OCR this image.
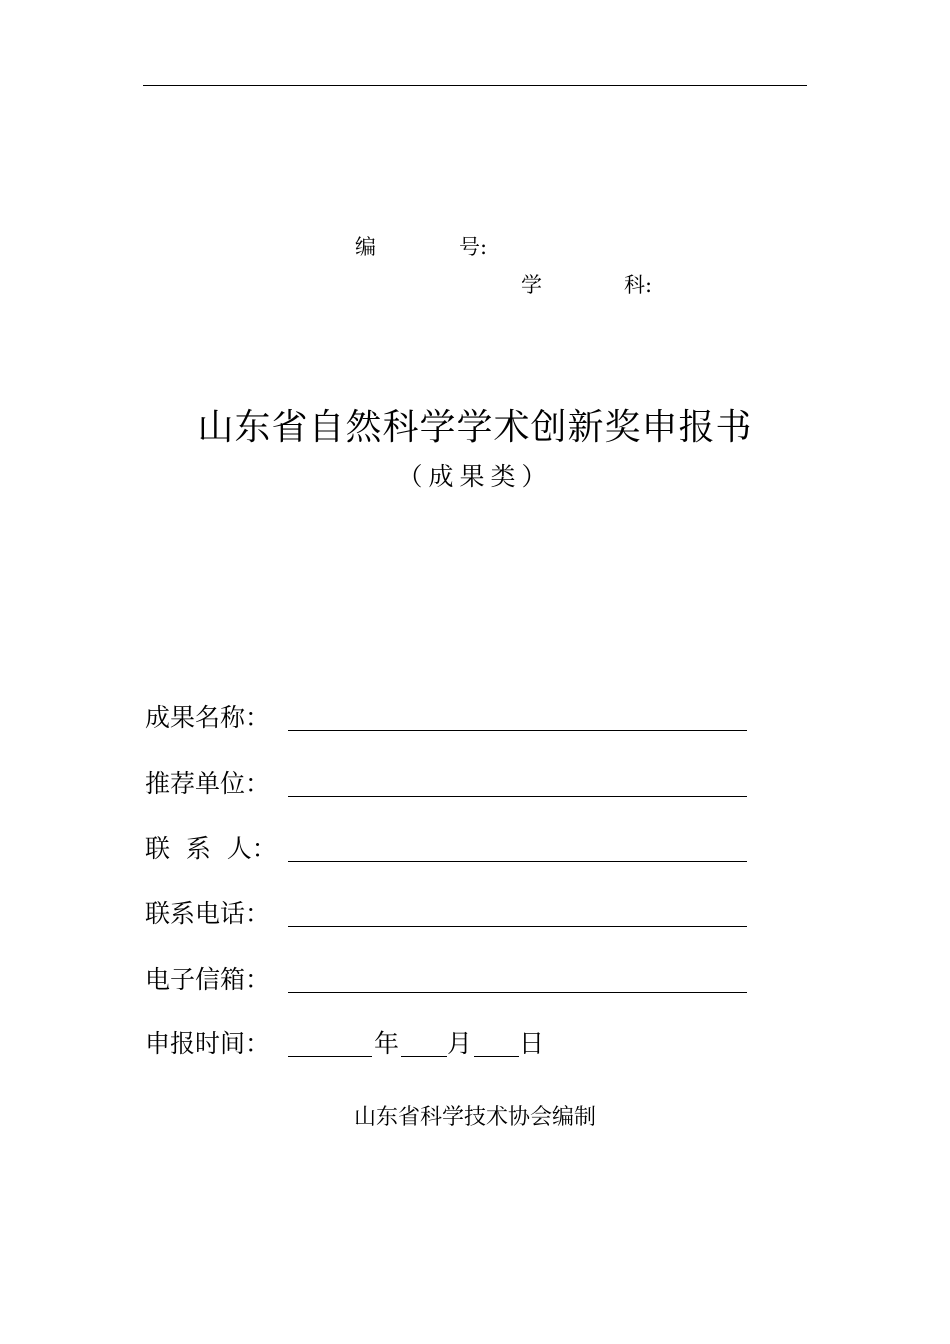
编	号:
学	科:
山东省自然科学学术创新奖申报书
（成果类）
成果名称：
推荐单位：
联  系  人：
联系电话：
电子信箱：
申报时间：	年 月 日
山东省科学技术协会编制
